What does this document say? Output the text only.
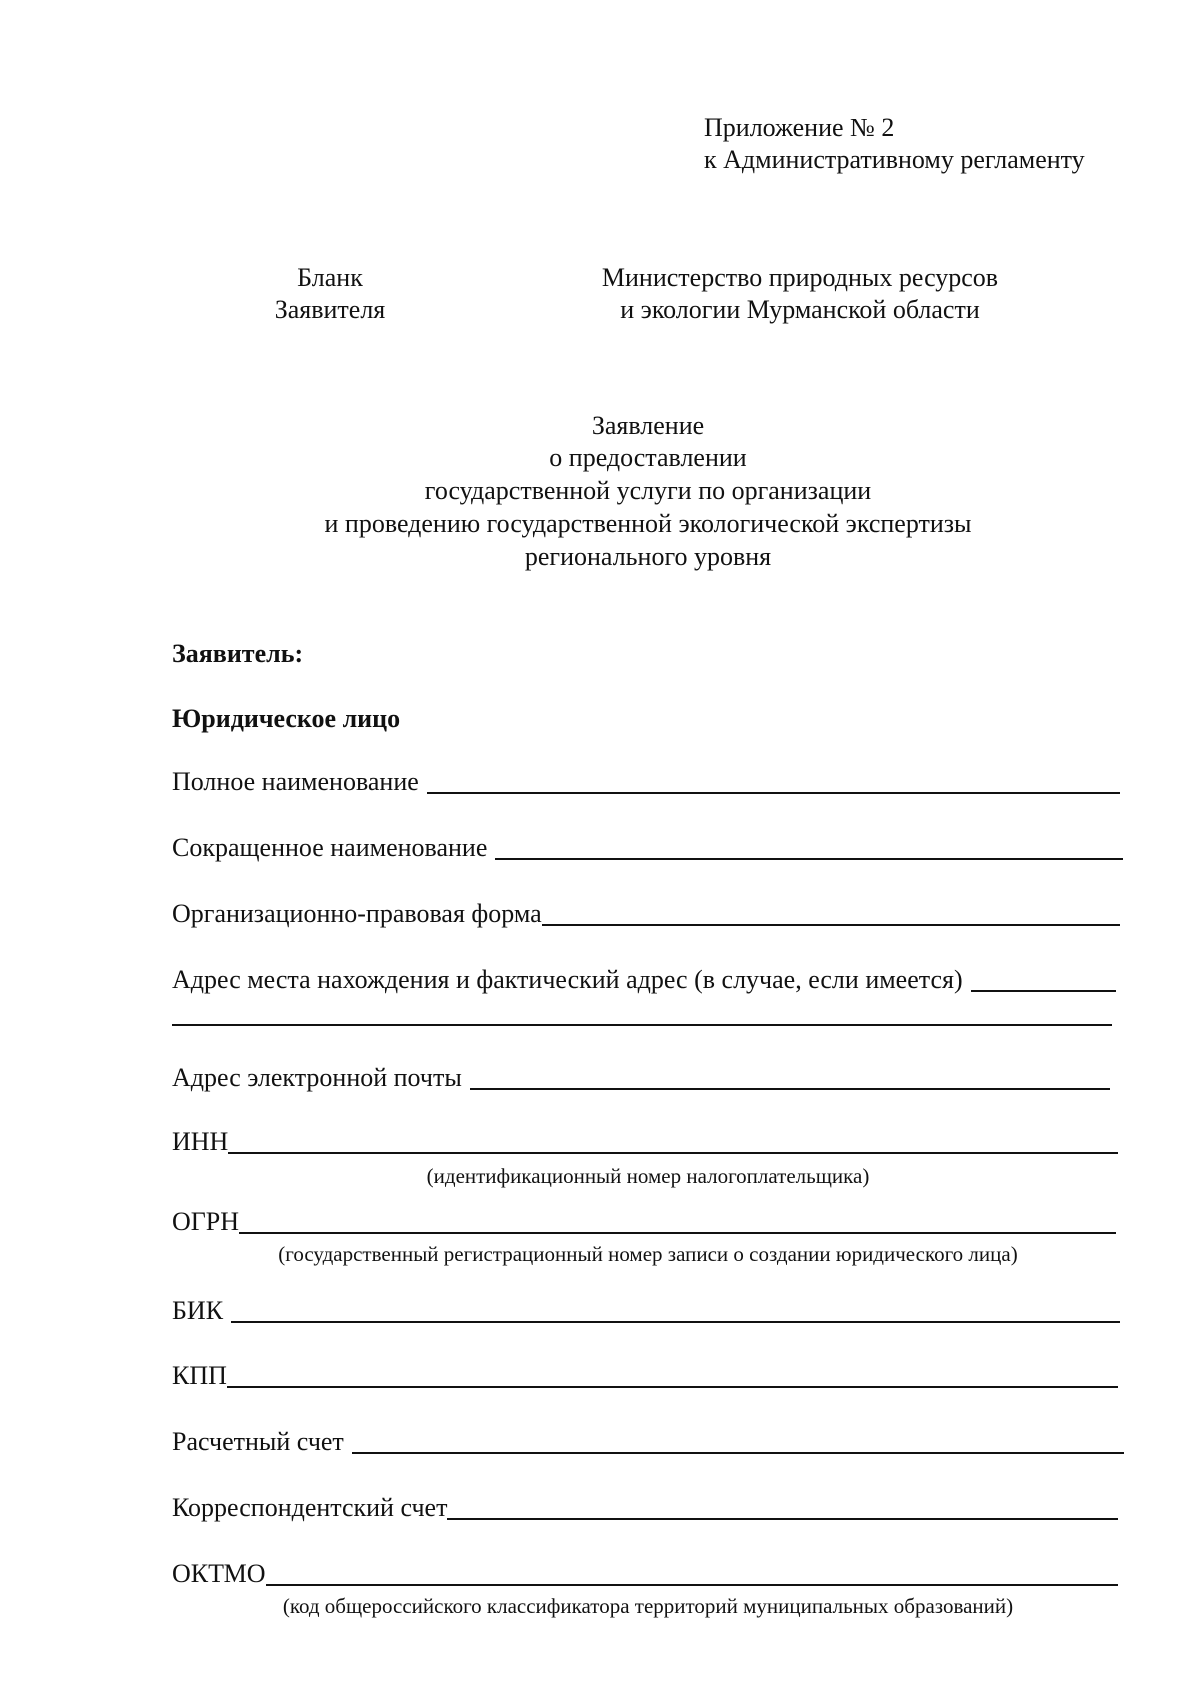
Приложение № 2
к Административному регламенту
Бланк
Заявителя
Министерство природных ресурсов
и экологии Мурманской области
Заявление
о предоставлении
государственной услуги по организации
и проведению государственной экологической экспертизы
регионального уровня
Заявитель:
Юридическое лицо
Полное наименование
Сокращенное наименование
Организационно-правовая форма
Адрес места нахождения и фактический адрес (в случае, если имеется)
Адрес электронной почты
ИНН
(идентификационный номер налогоплательщика)
ОГРН
(государственный регистрационный номер записи о создании юридического лица)
БИК
КПП
Расчетный счет
Корреспондентский счет
ОКТМО
(код общероссийского классификатора территорий муниципальных образований)
